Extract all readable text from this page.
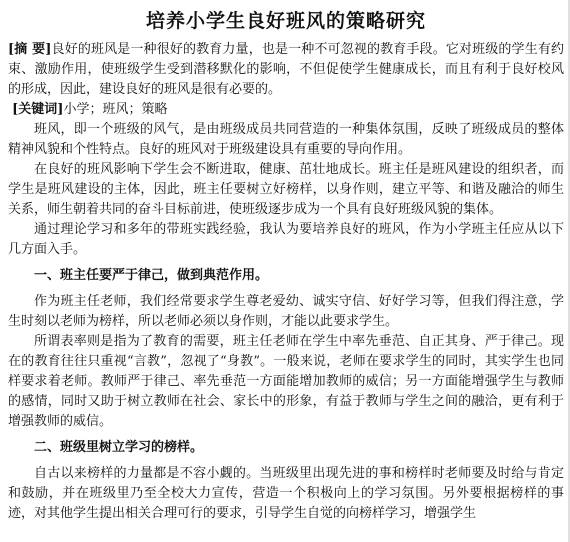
培养小学生良好班风的策略研究

[摘 要]良好的班风是一种很好的教育力量，也是一种不可忽视的教育手段。它对班级的学生有约束、激励作用，使班级学生受到潜移默化的影响，不但促使学生健康成长，而且有利于良好校风的形成，因此，建设良好的班风是很有必要的。

[关键词]小学；班风；策略

班风，即一个班级的风气，是由班级成员共同营造的一种集体氛围，反映了班级成员的整体精神风貌和个性特点。良好的班风对于班级建设具有重要的导向作用。

在良好的班风影响下学生会不断进取，健康、茁壮地成长。班主任是班风建设的组织者，而学生是班风建设的主体，因此，班主任要树立好榜样，以身作则，建立平等、和谐及融洽的师生关系，师生朝着共同的奋斗目标前进，使班级逐步成为一个具有良好班级风貌的集体。

通过理论学习和多年的带班实践经验，我认为要培养良好的班风，作为小学班主任应从以下几方面入手。

一、班主任要严于律己，做到典范作用。

作为班主任老师，我们经常要求学生尊老爱幼、诚实守信、好好学习等，但我们得注意，学生时刻以老师为榜样，所以老师必须以身作则，才能以此要求学生。

所谓表率则是指为了教育的需要，班主任老师在学生中率先垂范、自正其身、严于律己。现在的教育往往只重视“言教”，忽视了“身教”。一般来说，老师在要求学生的同时，其实学生也同样要求着老师。教师严于律己、率先垂范一方面能增加教师的威信；另一方面能增强学生与教师的感情，同时又助于树立教师在社会、家长中的形象，有益于教师与学生之间的融洽，更有利于增强教师的威信。

二、班级里树立学习的榜样。

自古以来榜样的力量都是不容小觑的。当班级里出现先进的事和榜样时老师要及时给与肯定和鼓励，并在班级里乃至全校大力宣传，营造一个积极向上的学习氛围。另外要根据榜样的事迹，对其他学生提出相关合理可行的要求，引导学生自觉的向榜样学习，增强学生
